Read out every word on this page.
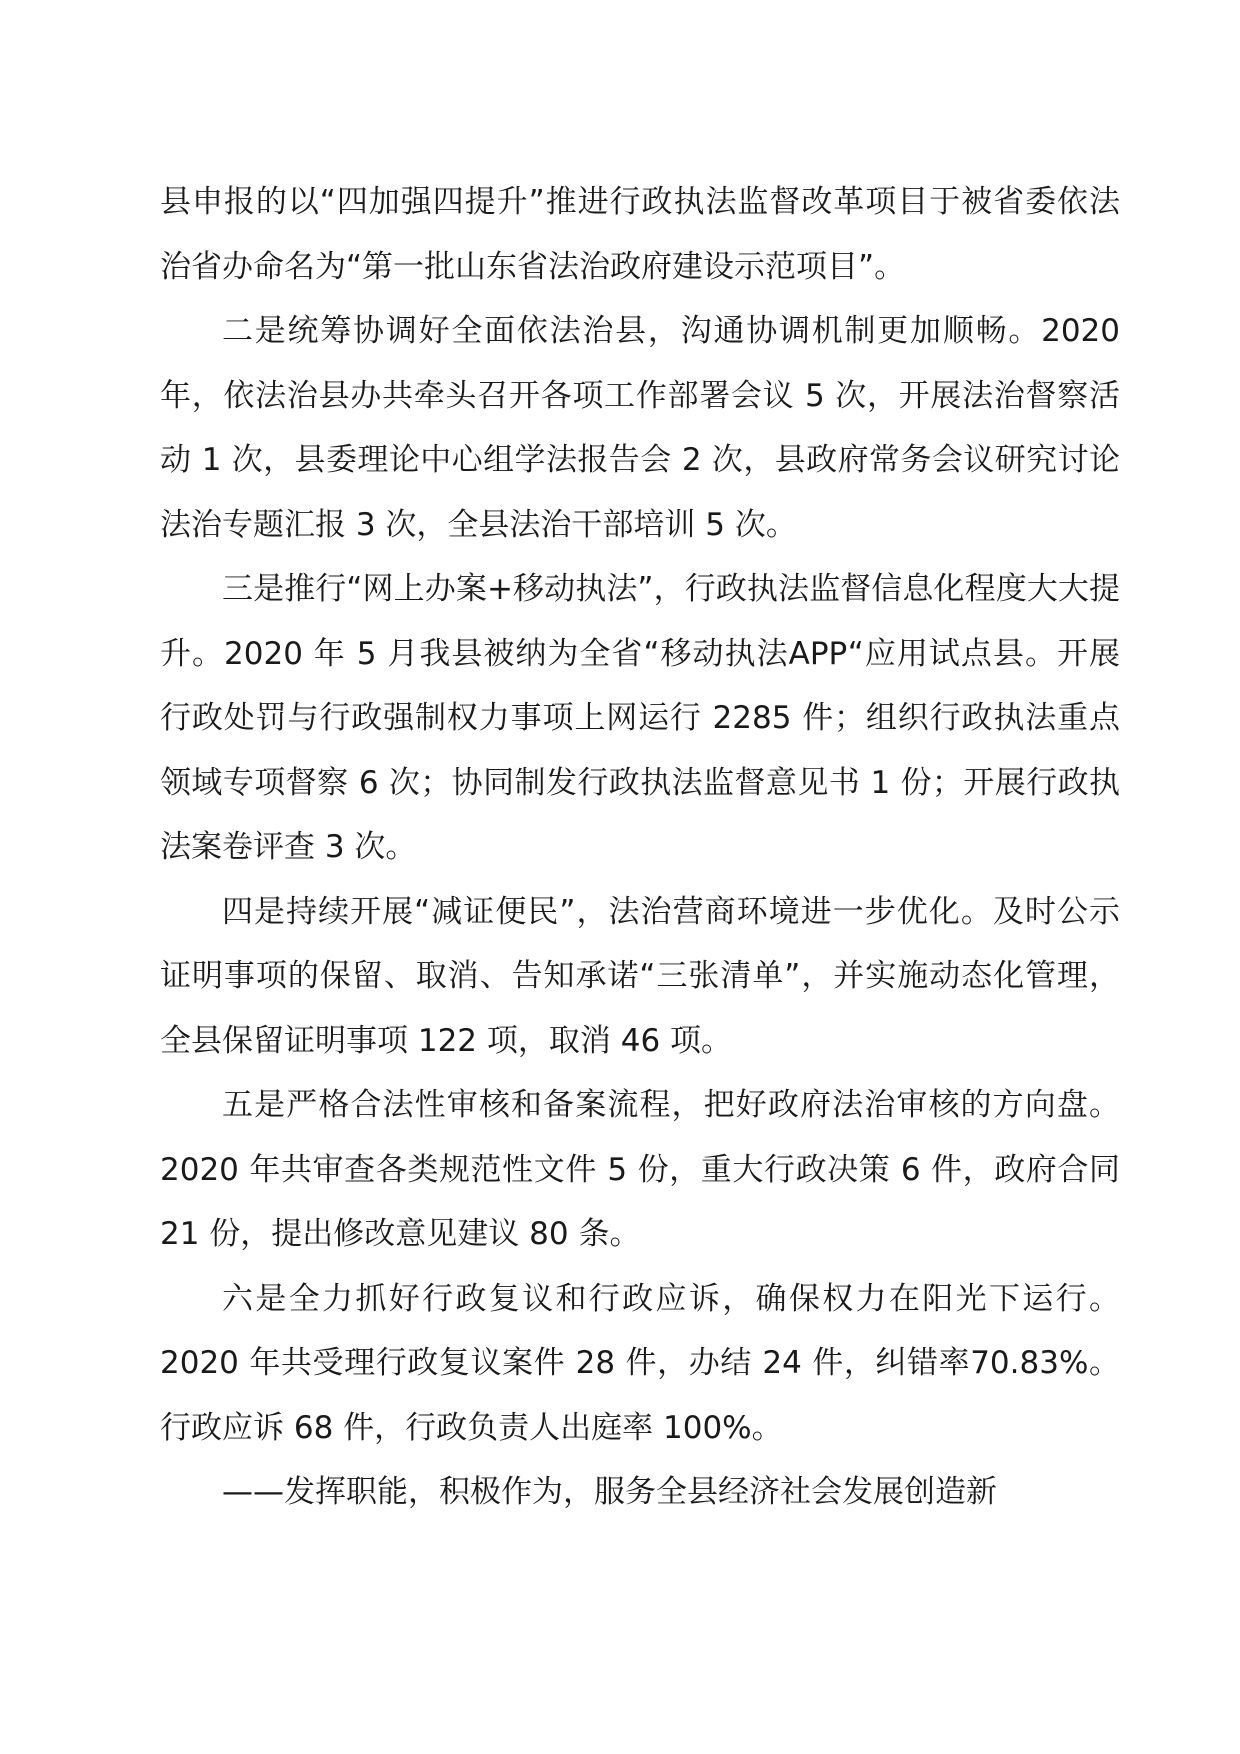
县申报的以“四加强四提升”推进行政执法监督改革项目于被省委依法治省办命名为“第一批山东省法治政府建设示范项目”。

二是统筹协调好全面依法治县，沟通协调机制更加顺畅。2020 年，依法治县办共牵头召开各项工作部署会议 5 次，开展法治督察活动 1 次，县委理论中心组学法报告会 2 次，县政府常务会议研究讨论法治专题汇报 3 次，全县法治干部培训 5 次。

三是推行“网上办案+移动执法”，行政执法监督信息化程度大大提升。2020 年 5 月我县被纳为全省“移动执法APP“应用试点县。开展行政处罚与行政强制权力事项上网运行 2285 件；组织行政执法重点领域专项督察 6 次；协同制发行政执法监督意见书 1 份；开展行政执法案卷评查 3 次。

四是持续开展“减证便民”，法治营商环境进一步优化。及时公示证明事项的保留、取消、告知承诺“三张清单”，并实施动态化管理，全县保留证明事项 122 项，取消 46 项。

五是严格合法性审核和备案流程，把好政府法治审核的方向盘。2020 年共审查各类规范性文件 5 份，重大行政决策 6 件，政府合同 21 份，提出修改意见建议 80 条。

六是全力抓好行政复议和行政应诉，确保权力在阳光下运行。2020 年共受理行政复议案件 28 件，办结 24 件，纠错率70.83%。行政应诉 68 件，行政负责人出庭率 100%。

——发挥职能，积极作为，服务全县经济社会发展创造新
